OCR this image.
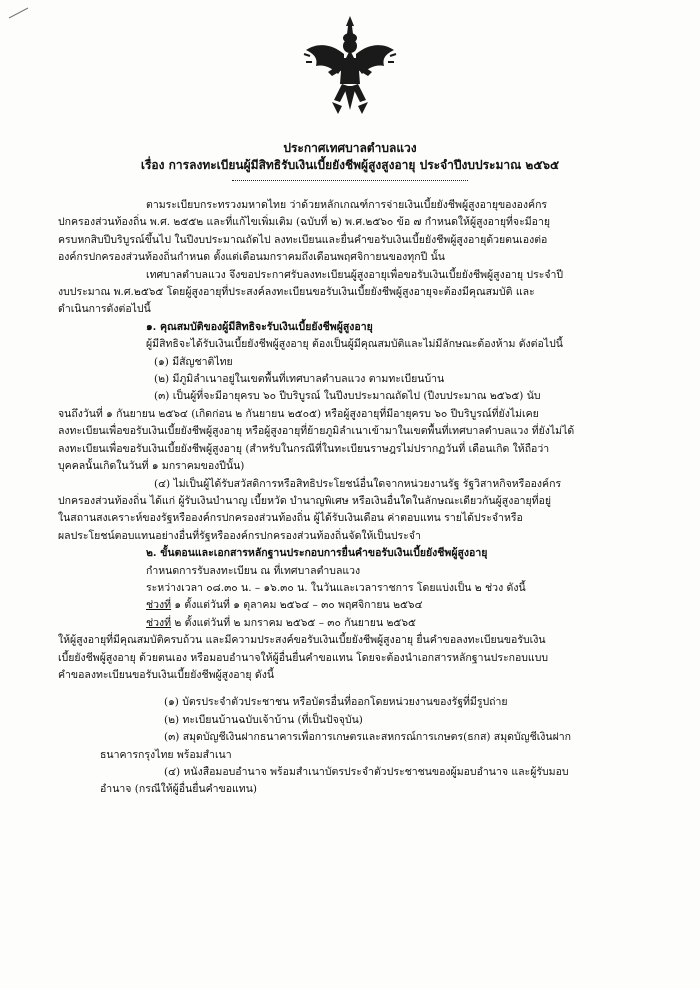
ประกาศเทศบาลตำบลแวง
เรื่อง การลงทะเบียนผู้มีสิทธิรับเงินเบี้ยยังชีพผู้สูงสูงอายุ ประจำปีงบประมาณ ๒๕๖๕

ตามระเบียบกระทรวงมหาดไทย ว่าด้วยหลักเกณฑ์การจ่ายเงินเบี้ยยังชีพผู้สูงอายุขององค์กร

ปกครองส่วนท้องถิ่น พ.ศ. ๒๕๕๒ และที่แก้ไขเพิ่มเติม (ฉบับที่ ๒) พ.ศ.๒๕๖๐ ข้อ ๗ กำหนดให้ผู้สูงอายุที่จะมีอายุ

ครบหกสิบปีบริบูรณ์ขึ้นไป ในปีงบประมาณถัดไป ลงทะเบียนและยื่นคำขอรับเงินเบี้ยยังชีพผู้สูงอายุด้วยตนเองต่อ

องค์กรปกครองส่วนท้องถิ่นกำหนด ตั้งแต่เดือนมกราคมถึงเดือนพฤศจิกายนของทุกปี นั้น

เทศบาลตำบลแวง จึงขอประกาศรับลงทะเบียนผู้สูงอายุเพื่อขอรับเงินเบี้ยยังชีพผู้สูงอายุ ประจำปี

งบประมาณ พ.ศ.๒๕๖๕ โดยผู้สูงอายุที่ประสงค์ลงทะเบียนขอรับเงินเบี้ยยังชีพผู้สูงอายุจะต้องมีคุณสมบัติ และ

ดำเนินการดังต่อไปนี้

๑. คุณสมบัติของผู้มีสิทธิจะรับเงินเบี้ยยังชีพผู้สูงอายุ

ผู้มีสิทธิจะได้รับเงินเบี้ยยังชีพผู้สูงอายุ ต้องเป็นผู้มีคุณสมบัติและไม่มีลักษณะต้องห้าม ดังต่อไปนี้

(๑) มีสัญชาติไทย

(๒) มีภูมิลำเนาอยู่ในเขตพื้นที่เทศบาลตำบลแวง ตามทะเบียนบ้าน

(๓) เป็นผู้ที่จะมีอายุครบ ๖๐ ปีบริบูรณ์ ในปีงบประมาณถัดไป (ปีงบประมาณ ๒๕๖๕) นับ

จนถึงวันที่ ๑ กันยายน ๒๕๖๔ (เกิดก่อน ๒ กันยายน ๒๕๐๕) หรือผู้สูงอายุที่มีอายุครบ ๖๐ ปีบริบูรณ์ที่ยังไม่เคย

ลงทะเบียนเพื่อขอรับเงินเบี้ยยังชีพผู้สูงอายุ หรือผู้สูงอายุที่ย้ายภูมิลำเนาเข้ามาในเขตพื้นที่เทศบาลตำบลแวง ที่ยังไม่ได้

ลงทะเบียนเพื่อขอรับเงินเบี้ยยังชีพผู้สูงอายุ (สำหรับในกรณีที่ในทะเบียนราษฎรไม่ปรากฏวันที่ เดือนเกิด ให้ถือว่า

บุคคลนั้นเกิดในวันที่ ๑ มกราคมของปีนั้น)

(๔) ไม่เป็นผู้ได้รับสวัสดิการหรือสิทธิประโยชน์อื่นใดจากหน่วยงานรัฐ รัฐวิสาหกิจหรือองค์กร

ปกครองส่วนท้องถิ่น ได้แก่ ผู้รับเงินบำนาญ เบี้ยหวัด บำนาญพิเศษ หรือเงินอื่นใดในลักษณะเดียวกันผู้สูงอายุที่อยู่

ในสถานสงเคราะห์ของรัฐหรือองค์กรปกครองส่วนท้องถิ่น ผู้ได้รับเงินเดือน ค่าตอบแทน รายได้ประจำหรือ

ผลประโยชน์ตอบแทนอย่างอื่นที่รัฐหรือองค์กรปกครองส่วนท้องถิ่นจัดให้เป็นประจำ

๒. ขั้นตอนและเอกสารหลักฐานประกอบการยื่นคำขอรับเงินเบี้ยยังชีพผู้สูงอายุ

กำหนดการรับลงทะเบียน ณ ที่เทศบาลตำบลแวง

ระหว่างเวลา ๐๘.๓๐ น. – ๑๖.๓๐ น. ในวันและเวลาราชการ โดยแบ่งเป็น ๒ ช่วง ดังนี้

ช่วงที่ ๑ ตั้งแต่วันที่ ๑ ตุลาคม ๒๕๖๔ – ๓๐ พฤศจิกายน ๒๕๖๔

ช่วงที่ ๒ ตั้งแต่วันที่ ๒ มกราคม ๒๕๖๕ – ๓๐ กันยายน ๒๕๖๕

ให้ผู้สูงอายุที่มีคุณสมบัติครบถ้วน และมีความประสงค์ขอรับเงินเบี้ยยังชีพผู้สูงอายุ ยื่นคำขอลงทะเบียนขอรับเงิน

เบี้ยยังชีพผู้สูงอายุ ด้วยตนเอง หรือมอบอำนาจให้ผู้อื่นยื่นคำขอแทน โดยจะต้องนำเอกสารหลักฐานประกอบแบบ

คำขอลงทะเบียนขอรับเงินเบี้ยยังชีพผู้สูงอายุ ดังนี้

(๑) บัตรประจำตัวประชาชน หรือบัตรอื่นที่ออกโดยหน่วยงานของรัฐที่มีรูปถ่าย

(๒) ทะเบียนบ้านฉบับเจ้าบ้าน (ที่เป็นปัจจุบัน)

(๓) สมุดบัญชีเงินฝากธนาคารเพื่อการเกษตรและสหกรณ์การเกษตร(ธกส) สมุดบัญชีเงินฝาก

ธนาคารกรุงไทย พร้อมสำเนา

(๔) หนังสือมอบอำนาจ พร้อมสำเนาบัตรประจำตัวประชาชนของผู้มอบอำนาจ และผู้รับมอบ

อำนาจ (กรณีให้ผู้อื่นยื่นคำขอแทน)
